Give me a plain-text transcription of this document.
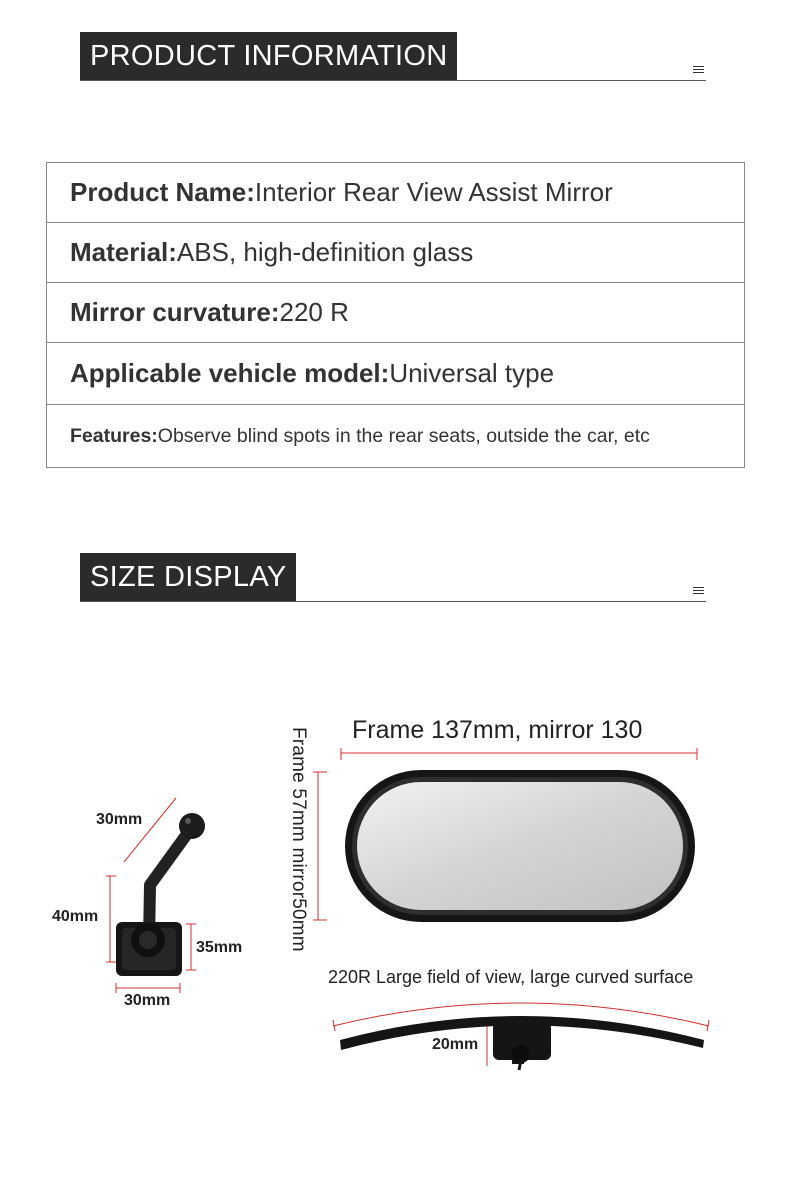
PRODUCT INFORMATION
Product Name: Interior Rear View Assist Mirror
Material: ABS, high-definition glass
Mirror curvature: 220 R
Applicable vehicle model: Universal type
Features: Observe blind spots in the rear seats, outside the car, etc
SIZE DISPLAY
Frame 137mm, mirror 130
Frame 57mm mirror50mm
30mm
40mm
35mm
30mm
220R Large field of view, large curved surface
20mm
